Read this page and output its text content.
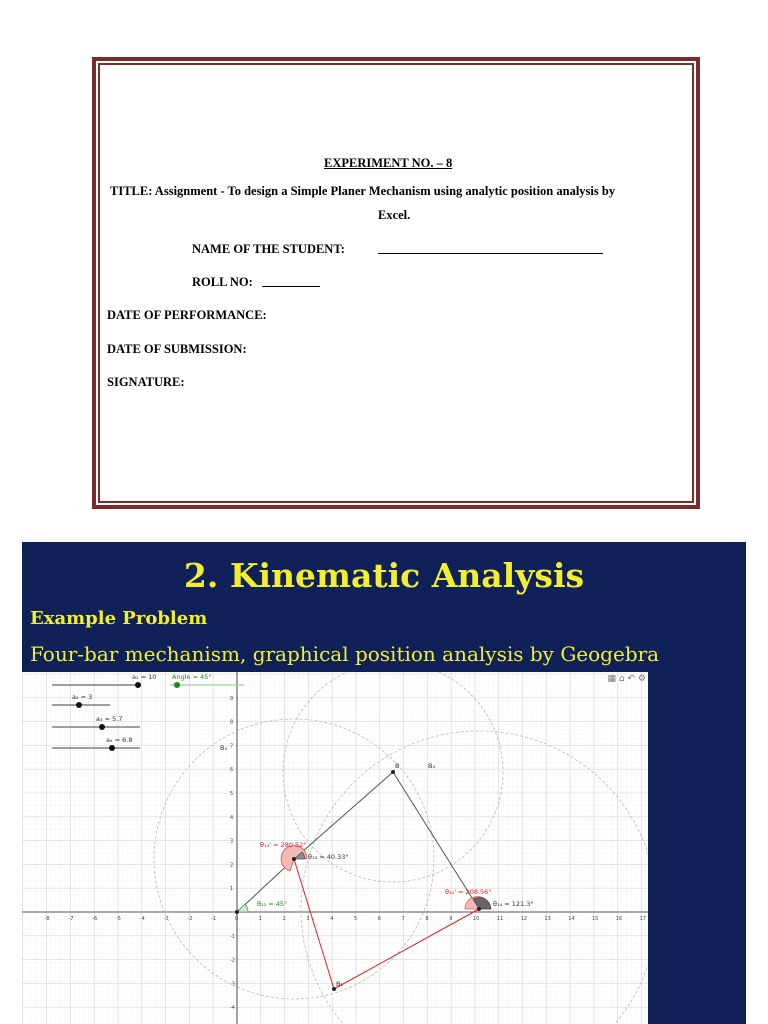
EXPERIMENT NO. – 8
TITLE: Assignment - To design a Simple Planer Mechanism using analytic position analysis by
Excel.
NAME OF THE STUDENT:
ROLL NO:
DATE OF PERFORMANCE:
DATE OF SUBMISSION:
SIGNATURE:
2. Kinematic Analysis
Example Problem
Four-bar mechanism, graphical position analysis by Geogebra
-8	-7	-6	-5	-4	-3	-2	-1	0	1	2	3	4	5	6	7	8	9	10	11	12	13	14	15	16	17
9
8
7
6
5
4
3
2
1
-1
-2
-3
-4
B	B₄
B₃
B₁
θ₁₂ = 45°
θ₁₃' = 280.52°
θ₁₃ = 40.33°
θ₁₄' = 208.56°
θ₁₄ = 121.3°
a₁ = 10 Angle = 45°
a₂ = 3
a₃ = 5.7
a₄ = 6.8
▦ ⌂ ↶ ⚙
